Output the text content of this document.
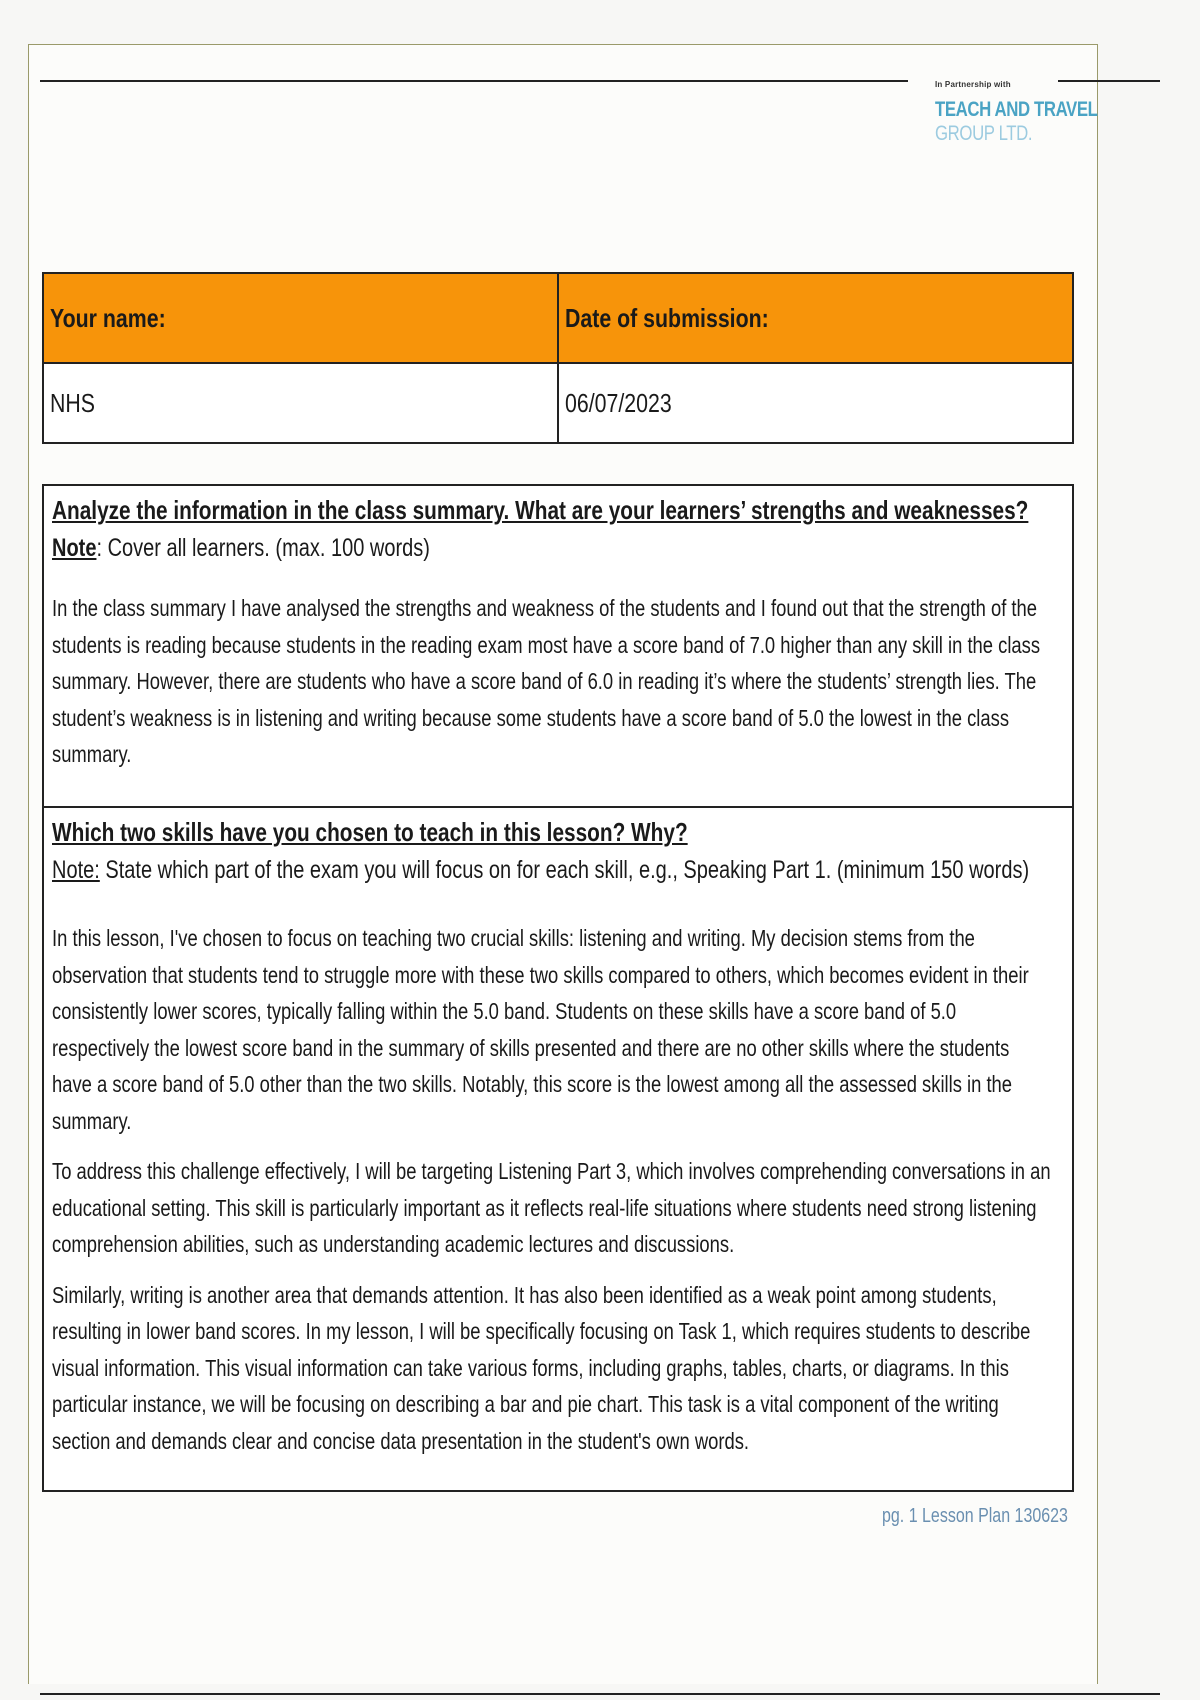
In Partnership with
TEACH AND TRAVEL
GROUP LTD.
Your name:	Date of submission:
NHS	06/07/2023
Analyze the information in the class summary. What are your learners’ strengths and weaknesses?
Note: Cover all learners. (max. 100 words)

In the class summary I have analysed the strengths and weakness of the students and I found out that the strength of the students is reading because students in the reading exam most have a score band of 7.0 higher than any skill in the class summary. However, there are students who have a score band of 6.0 in reading it’s where the students’ strength lies. The student’s weakness is in listening and writing because some students have a score band of 5.0 the lowest in the class summary.

Which two skills have you chosen to teach in this lesson? Why?
Note: State which part of the exam you will focus on for each skill, e.g., Speaking Part 1. (minimum 150 words)

In this lesson, I've chosen to focus on teaching two crucial skills: listening and writing. My decision stems from the observation that students tend to struggle more with these two skills compared to others, which becomes evident in their consistently lower scores, typically falling within the 5.0 band. Students on these skills have a score band of 5.0 respectively the lowest score band in the summary of skills presented and there are no other skills where the students have a score band of 5.0 other than the two skills. Notably, this score is the lowest among all the assessed skills in the summary.

To address this challenge effectively, I will be targeting Listening Part 3, which involves comprehending conversations in an educational setting. This skill is particularly important as it reflects real-life situations where students need strong listening comprehension abilities, such as understanding academic lectures and discussions.

Similarly, writing is another area that demands attention. It has also been identified as a weak point among students, resulting in lower band scores. In my lesson, I will be specifically focusing on Task 1, which requires students to describe visual information. This visual information can take various forms, including graphs, tables, charts, or diagrams. In this particular instance, we will be focusing on describing a bar and pie chart. This task is a vital component of the writing section and demands clear and concise data presentation in the student's own words.

pg. 1 Lesson Plan 130623
